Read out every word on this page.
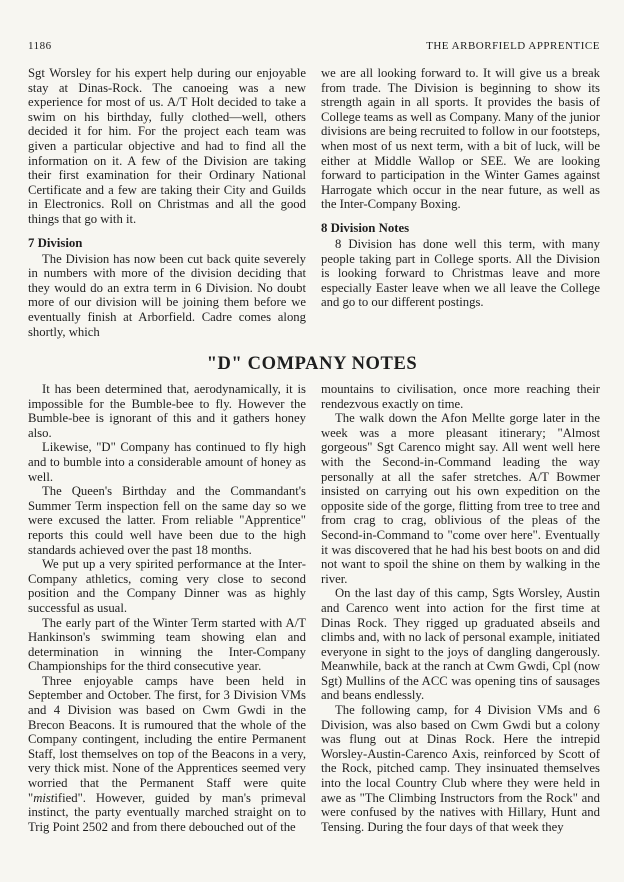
1186	THE ARBORFIELD APPRENTICE

Sgt Worsley for his expert help during our enjoyable stay at Dinas-Rock. The canoeing was a new experience for most of us. A/T Holt decided to take a swim on his birthday, fully clothed—well, others decided it for him. For the project each team was given a particular objective and had to find all the information on it. A few of the Division are taking their first examination for their Ordinary National Certificate and a few are taking their City and Guilds in Electronics. Roll on Christmas and all the good things that go with it.

7 Division

The Division has now been cut back quite severely in numbers with more of the division deciding that they would do an extra term in 6 Division. No doubt more of our division will be joining them before we eventually finish at Arborfield. Cadre comes along shortly, which

we are all looking forward to. It will give us a break from trade. The Division is beginning to show its strength again in all sports. It provides the basis of College teams as well as Company. Many of the junior divisions are being recruited to follow in our footsteps, when most of us next term, with a bit of luck, will be either at Middle Wallop or SEE. We are looking forward to participation in the Winter Games against Harrogate which occur in the near future, as well as the Inter-Company Boxing.

8 Division Notes

8 Division has done well this term, with many people taking part in College sports. All the Division is looking forward to Christmas leave and more especially Easter leave when we all leave the College and go to our different postings.

"D" COMPANY NOTES

It has been determined that, aerodynamically, it is impossible for the Bumble-bee to fly. However the Bumble-bee is ignorant of this and it gathers honey also.

Likewise, "D" Company has continued to fly high and to bumble into a considerable amount of honey as well.

The Queen's Birthday and the Commandant's Summer Term inspection fell on the same day so we were excused the latter. From reliable "Apprentice" reports this could well have been due to the high standards achieved over the past 18 months.

We put up a very spirited performance at the Inter-Company athletics, coming very close to second position and the Company Dinner was as highly successful as usual.

The early part of the Winter Term started with A/T Hankinson's swimming team showing elan and determination in winning the Inter-Company Championships for the third consecutive year.

Three enjoyable camps have been held in September and October. The first, for 3 Division VMs and 4 Division was based on Cwm Gwdi in the Brecon Beacons. It is rumoured that the whole of the Company contingent, including the entire Permanent Staff, lost themselves on top of the Beacons in a very, very thick mist. None of the Apprentices seemed very worried that the Permanent Staff were quite "mistified". However, guided by man's primeval instinct, the party eventually marched straight on to Trig Point 2502 and from there debouched out of the

mountains to civilisation, once more reaching their rendezvous exactly on time.

The walk down the Afon Mellte gorge later in the week was a more pleasant itinerary; "Almost gorgeous" Sgt Carenco might say. All went well here with the Second-in-Command leading the way personally at all the safer stretches. A/T Bowmer insisted on carrying out his own expedition on the opposite side of the gorge, flitting from tree to tree and from crag to crag, oblivious of the pleas of the Second-in-Command to "come over here". Eventually it was discovered that he had his best boots on and did not want to spoil the shine on them by walking in the river.

On the last day of this camp, Sgts Worsley, Austin and Carenco went into action for the first time at Dinas Rock. They rigged up graduated abseils and climbs and, with no lack of personal example, initiated everyone in sight to the joys of dangling dangerously. Meanwhile, back at the ranch at Cwm Gwdi, Cpl (now Sgt) Mullins of the ACC was opening tins of sausages and beans endlessly.

The following camp, for 4 Division VMs and 6 Division, was also based on Cwm Gwdi but a colony was flung out at Dinas Rock. Here the intrepid Worsley-Austin-Carenco Axis, reinforced by Scott of the Rock, pitched camp. They insinuated themselves into the local Country Club where they were held in awe as "The Climbing Instructors from the Rock" and were confused by the natives with Hillary, Hunt and Tensing. During the four days of that week they
